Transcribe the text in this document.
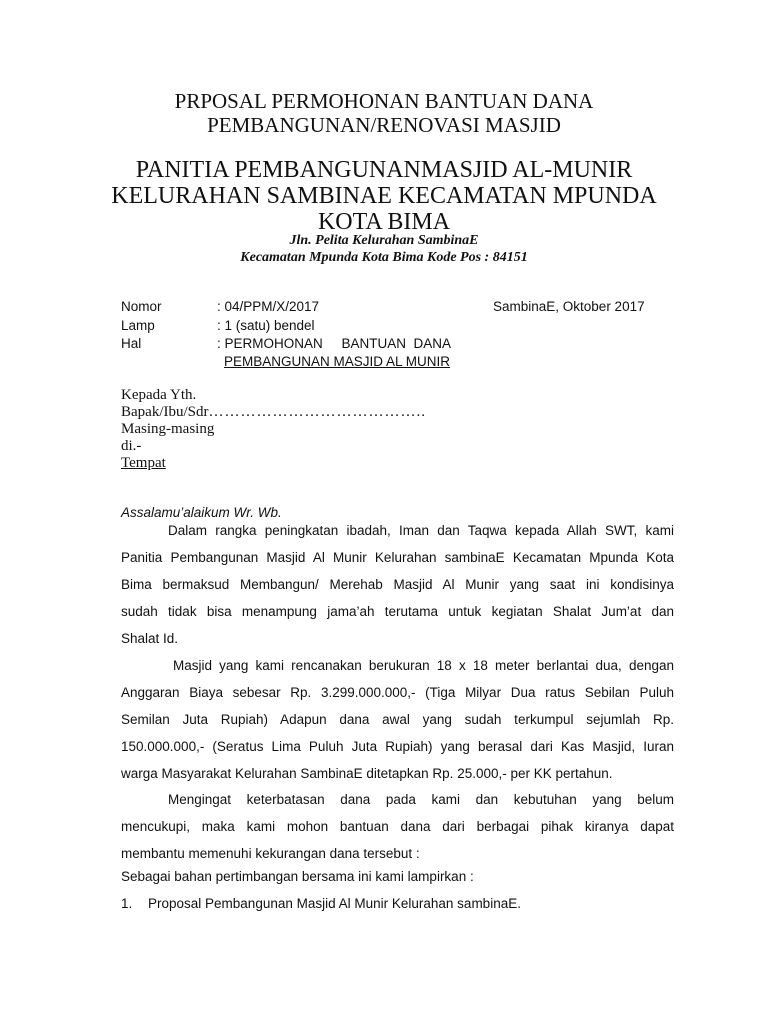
PRPOSAL PERMOHONAN BANTUAN DANA
PEMBANGUNAN/RENOVASI MASJID
PANITIA PEMBANGUNANMASJID AL-MUNIR
KELURAHAN SAMBINAE KECAMATAN MPUNDA
KOTA BIMA
Jln. Pelita Kelurahan SambinaE
Kecamatan Mpunda Kota Bima Kode Pos : 84151
Nomor	: 04/PPM/X/2017	SambinaE, Oktober 2017
Lamp	: 1 (satu) bendel
Hal	: PERMOHONAN     BANTUAN  DANA
PEMBANGUNAN MASJID AL MUNIR
Kepada Yth.
Bapak/Ibu/Sdr…………………………………..
Masing-masing
di.-
Tempat
Assalamu’alaikum Wr. Wb.
Dalam rangka peningkatan ibadah, Iman dan Taqwa kepada Allah SWT, kami
Panitia Pembangunan Masjid Al Munir Kelurahan sambinaE Kecamatan Mpunda Kota
Bima bermaksud Membangun/ Merehab Masjid Al Munir yang saat ini kondisinya
sudah tidak bisa menampung jama’ah terutama untuk kegiatan Shalat Jum’at dan
Shalat Id.
Masjid yang kami rencanakan berukuran 18 x 18 meter berlantai dua, dengan
Anggaran Biaya sebesar Rp. 3.299.000.000,- (Tiga Milyar Dua ratus Sebilan Puluh
Semilan Juta Rupiah) Adapun dana awal yang sudah terkumpul sejumlah Rp.
150.000.000,- (Seratus Lima Puluh Juta Rupiah) yang berasal dari Kas Masjid, Iuran
warga Masyarakat Kelurahan SambinaE ditetapkan Rp. 25.000,- per KK pertahun.
Mengingat keterbatasan dana pada kami dan kebutuhan yang belum
mencukupi, maka kami mohon bantuan dana dari berbagai pihak kiranya dapat
membantu memenuhi kekurangan dana tersebut :
Sebagai bahan pertimbangan bersama ini kami lampirkan :
1. Proposal Pembangunan Masjid Al Munir Kelurahan sambinaE.
